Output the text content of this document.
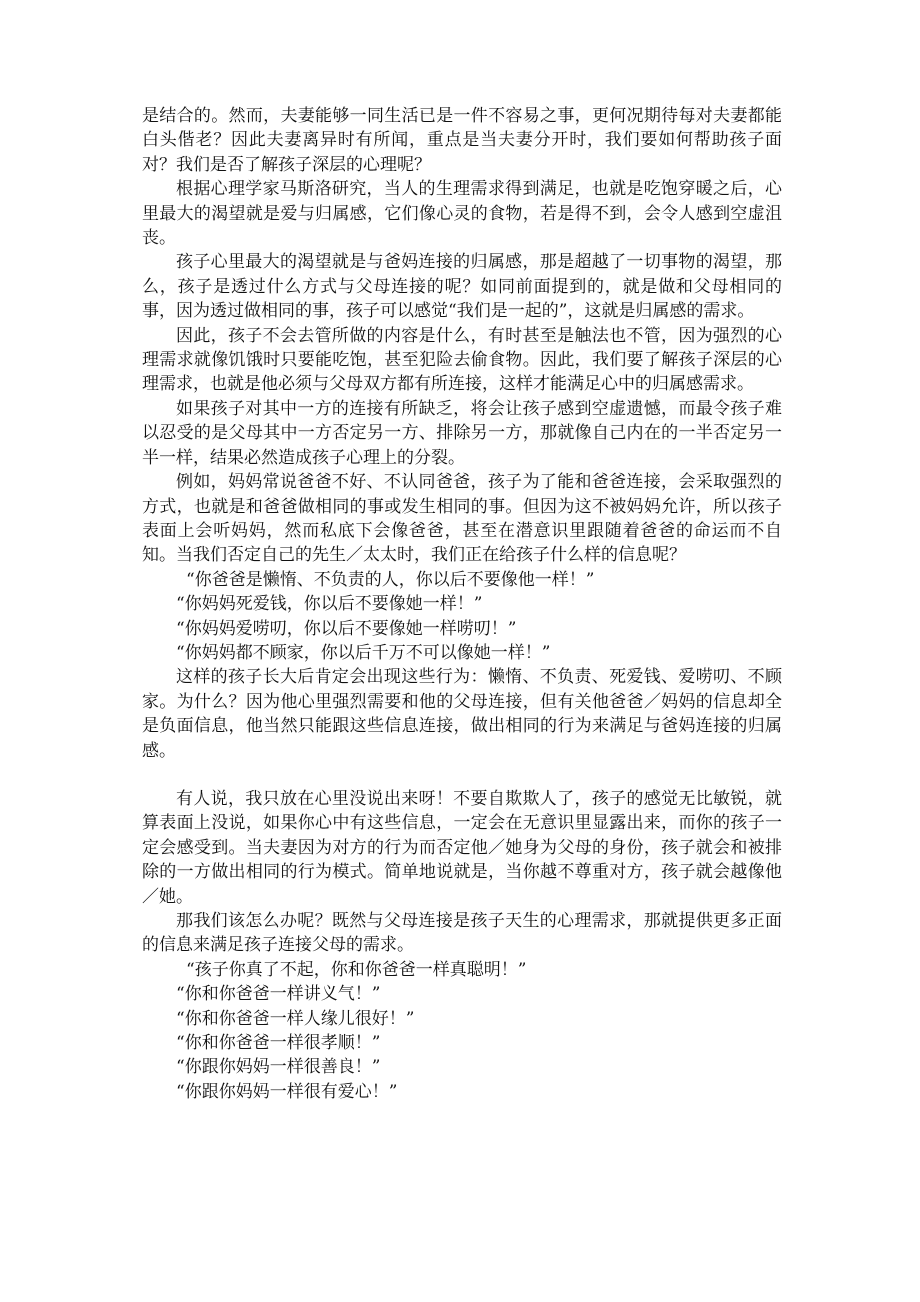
是结合的。然而，夫妻能够一同生活已是一件不容易之事，更何况期待每对夫妻都能白头偕老？因此夫妻离异时有所闻，重点是当夫妻分开时，我们要如何帮助孩子面对？我们是否了解孩子深层的心理呢？

根据心理学家马斯洛研究，当人的生理需求得到满足，也就是吃饱穿暖之后，心里最大的渴望就是爱与归属感，它们像心灵的食物，若是得不到，会令人感到空虚沮丧。

孩子心里最大的渴望就是与爸妈连接的归属感，那是超越了一切事物的渴望，那么，孩子是透过什么方式与父母连接的呢？如同前面提到的，就是做和父母相同的事，因为透过做相同的事，孩子可以感觉“我们是一起的”，这就是归属感的需求。

因此，孩子不会去管所做的内容是什么，有时甚至是触法也不管，因为强烈的心理需求就像饥饿时只要能吃饱，甚至犯险去偷食物。因此，我们要了解孩子深层的心理需求，也就是他必须与父母双方都有所连接，这样才能满足心中的归属感需求。

如果孩子对其中一方的连接有所缺乏，将会让孩子感到空虚遗憾，而最令孩子难以忍受的是父母其中一方否定另一方、排除另一方，那就像自己内在的一半否定另一半一样，结果必然造成孩子心理上的分裂。

例如，妈妈常说爸爸不好、不认同爸爸，孩子为了能和爸爸连接，会采取强烈的方式，也就是和爸爸做相同的事或发生相同的事。但因为这不被妈妈允许，所以孩子表面上会听妈妈，然而私底下会像爸爸，甚至在潜意识里跟随着爸爸的命运而不自知。当我们否定自己的先生／太太时，我们正在给孩子什么样的信息呢？

“你爸爸是懒惰、不负责的人，你以后不要像他一样！”

“你妈妈死爱钱，你以后不要像她一样！”

“你妈妈爱唠叨，你以后不要像她一样唠叨！”

“你妈妈都不顾家，你以后千万不可以像她一样！”

这样的孩子长大后肯定会出现这些行为：懒惰、不负责、死爱钱、爱唠叨、不顾家。为什么？因为他心里强烈需要和他的父母连接，但有关他爸爸／妈妈的信息却全是负面信息，他当然只能跟这些信息连接，做出相同的行为来满足与爸妈连接的归属感。

有人说，我只放在心里没说出来呀！不要自欺欺人了，孩子的感觉无比敏锐，就算表面上没说，如果你心中有这些信息，一定会在无意识里显露出来，而你的孩子一定会感受到。当夫妻因为对方的行为而否定他／她身为父母的身份，孩子就会和被排除的一方做出相同的行为模式。简单地说就是，当你越不尊重对方，孩子就会越像他／她。

那我们该怎么办呢？既然与父母连接是孩子天生的心理需求，那就提供更多正面的信息来满足孩子连接父母的需求。

“孩子你真了不起，你和你爸爸一样真聪明！”

“你和你爸爸一样讲义气！”

“你和你爸爸一样人缘儿很好！”

“你和你爸爸一样很孝顺！”

“你跟你妈妈一样很善良！”

“你跟你妈妈一样很有爱心！”
